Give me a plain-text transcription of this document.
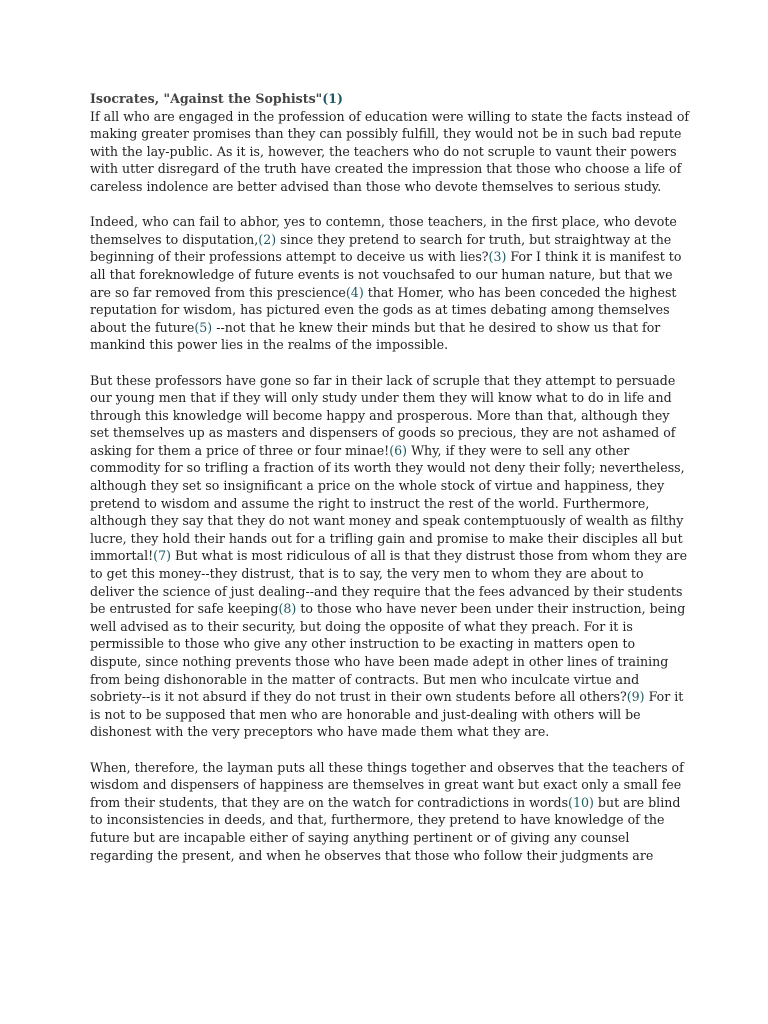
Isocrates, "Against the Sophists"(1)

If all who are engaged in the profession of education were willing to state the facts instead of making greater promises than they can possibly fulfill, they would not be in such bad repute with the lay-public. As it is, however, the teachers who do not scruple to vaunt their powers with utter disregard of the truth have created the impression that those who choose a life of careless indolence are better advised than those who devote themselves to serious study.

Indeed, who can fail to abhor, yes to contemn, those teachers, in the first place, who devote themselves to disputation,(2) since they pretend to search for truth, but straightway at the beginning of their professions attempt to deceive us with lies?(3) For I think it is manifest to all that foreknowledge of future events is not vouchsafed to our human nature, but that we are so far removed from this prescience(4) that Homer, who has been conceded the highest reputation for wisdom, has pictured even the gods as at times debating among themselves about the future(5) --not that he knew their minds but that he desired to show us that for mankind this power lies in the realms of the impossible.

But these professors have gone so far in their lack of scruple that they attempt to persuade our young men that if they will only study under them they will know what to do in life and through this knowledge will become happy and prosperous. More than that, although they set themselves up as masters and dispensers of goods so precious, they are not ashamed of asking for them a price of three or four minae!(6) Why, if they were to sell any other commodity for so trifling a fraction of its worth they would not deny their folly; nevertheless, although they set so insignificant a price on the whole stock of virtue and happiness, they pretend to wisdom and assume the right to instruct the rest of the world. Furthermore, although they say that they do not want money and speak contemptuously of wealth as filthy lucre, they hold their hands out for a trifling gain and promise to make their disciples all but immortal!(7) But what is most ridiculous of all is that they distrust those from whom they are to get this money--they distrust, that is to say, the very men to whom they are about to deliver the science of just dealing--and they require that the fees advanced by their students be entrusted for safe keeping(8) to those who have never been under their instruction, being well advised as to their security, but doing the opposite of what they preach. For it is permissible to those who give any other instruction to be exacting in matters open to dispute, since nothing prevents those who have been made adept in other lines of training from being dishonorable in the matter of contracts. But men who inculcate virtue and sobriety--is it not absurd if they do not trust in their own students before all others?(9) For it is not to be supposed that men who are honorable and just-dealing with others will be dishonest with the very preceptors who have made them what they are.

When, therefore, the layman puts all these things together and observes that the teachers of wisdom and dispensers of happiness are themselves in great want but exact only a small fee from their students, that they are on the watch for contradictions in words(10) but are blind to inconsistencies in deeds, and that, furthermore, they pretend to have knowledge of the future but are incapable either of saying anything pertinent or of giving any counsel regarding the present, and when he observes that those who follow their judgments are
